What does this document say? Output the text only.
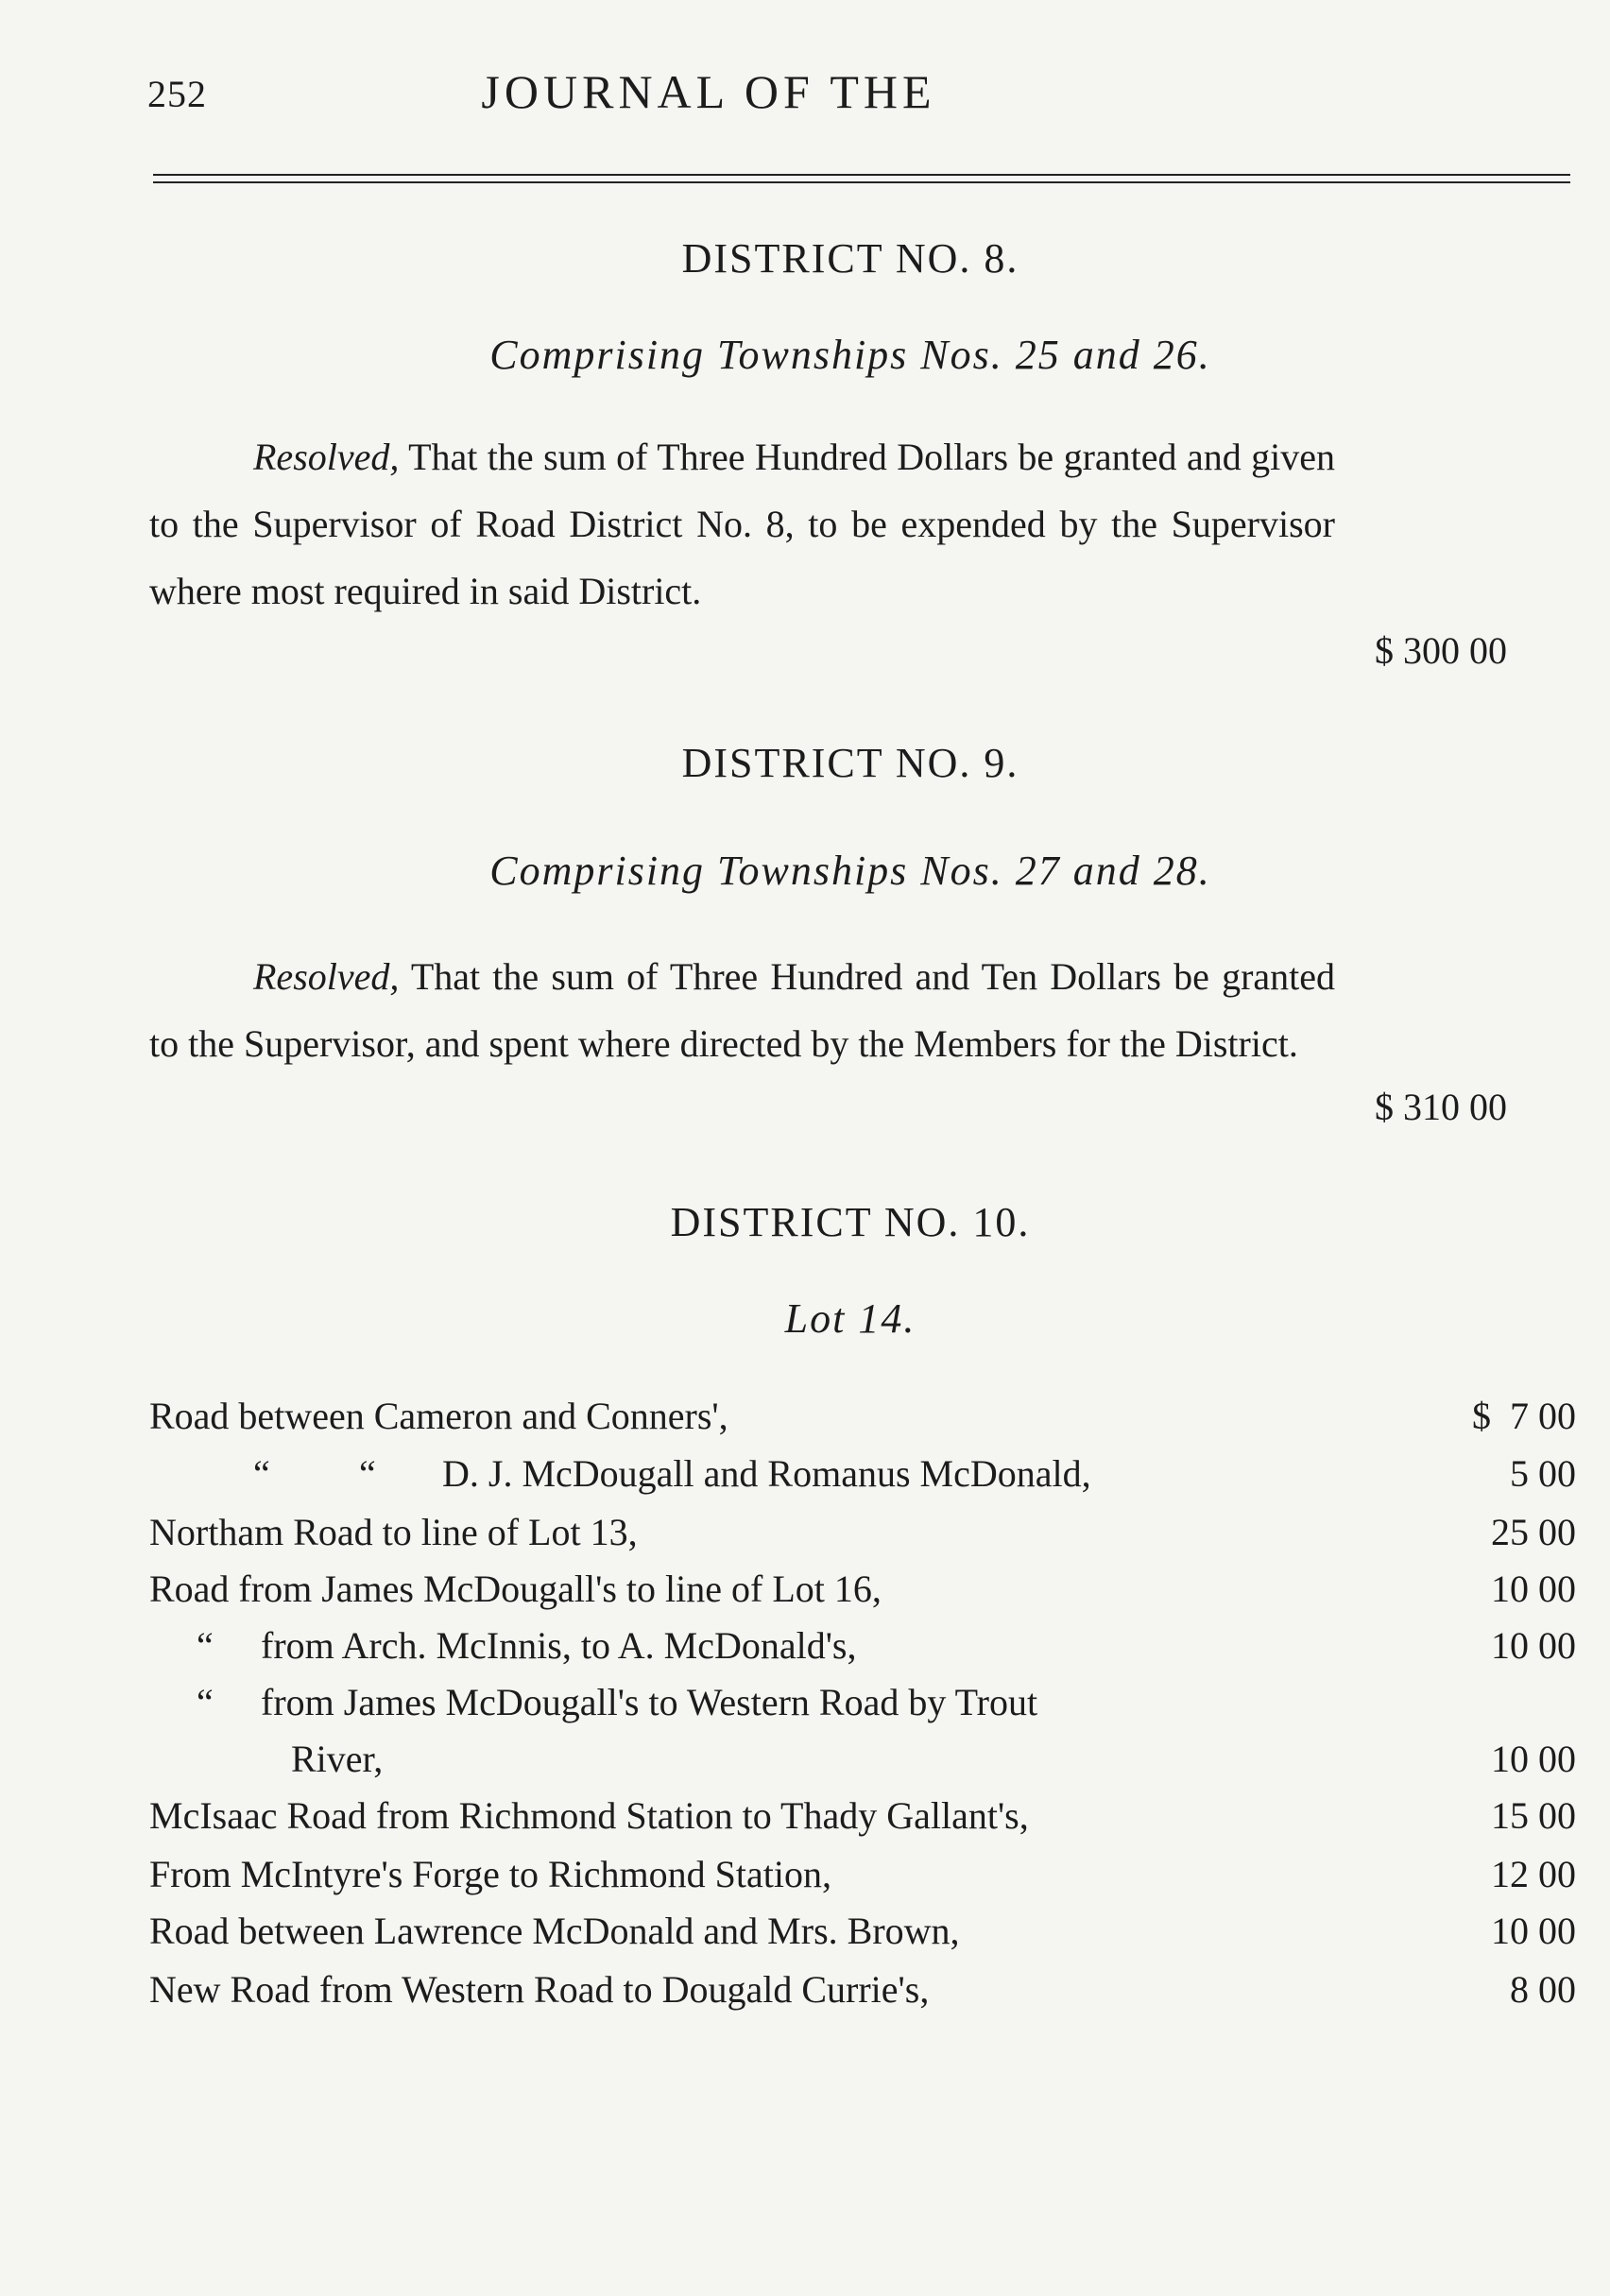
252	JOURNAL OF THE
DISTRICT NO. 8.
Comprising Townships Nos. 25 and 26.

Resolved, That the sum of Three Hundred Dollars be granted and given to the Supervisor of Road District No. 8, to be expended by the Supervisor where most required in said District.

$ 300 00
DISTRICT NO. 9.
Comprising Townships Nos. 27 and 28.

Resolved, That the sum of Three Hundred and Ten Dollars be granted to the Supervisor, and spent where directed by the Members for the District.

$ 310 00
DISTRICT NO. 10.
Lot 14.
Road between Cameron and Conners',	$  7 00
“ “ D. J. McDougall and Romanus McDonald,	5 00
Northam Road to line of Lot 13,	25 00
Road from James McDougall's to line of Lot 16,	10 00
“ from Arch. McInnis, to A. McDonald's,	10 00
“ from James McDougall's to Western Road by Trout
River,	10 00
McIsaac Road from Richmond Station to Thady Gallant's,	15 00
From McIntyre's Forge to Richmond Station,	12 00
Road between Lawrence McDonald and Mrs. Brown,	10 00
New Road from Western Road to Dougald Currie's,	8 00
